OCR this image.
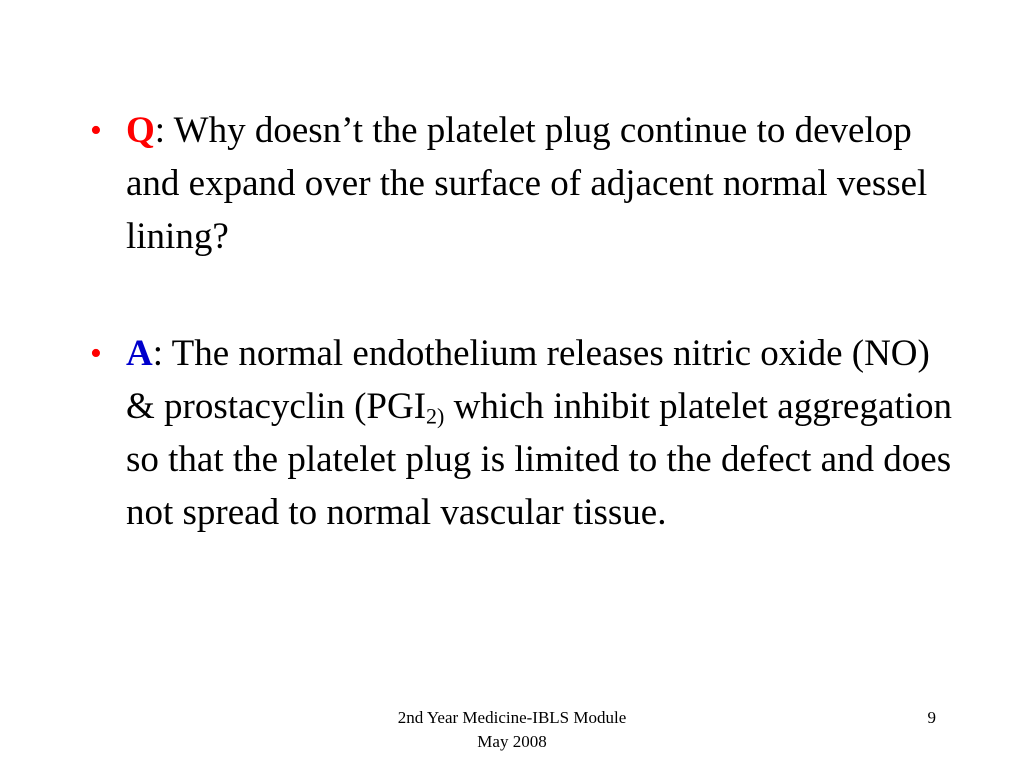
• Q: Why doesn’t the platelet plug continue to develop and expand over the surface of adjacent normal vessel lining?
• A: The normal endothelium releases nitric oxide (NO) & prostacyclin ($PGI_{2)}$ which inhibit platelet aggregation so that the platelet plug is limited to the defect and does not spread to normal vascular tissue.
2nd Year Medicine-IBLS Module
May 2008
9
